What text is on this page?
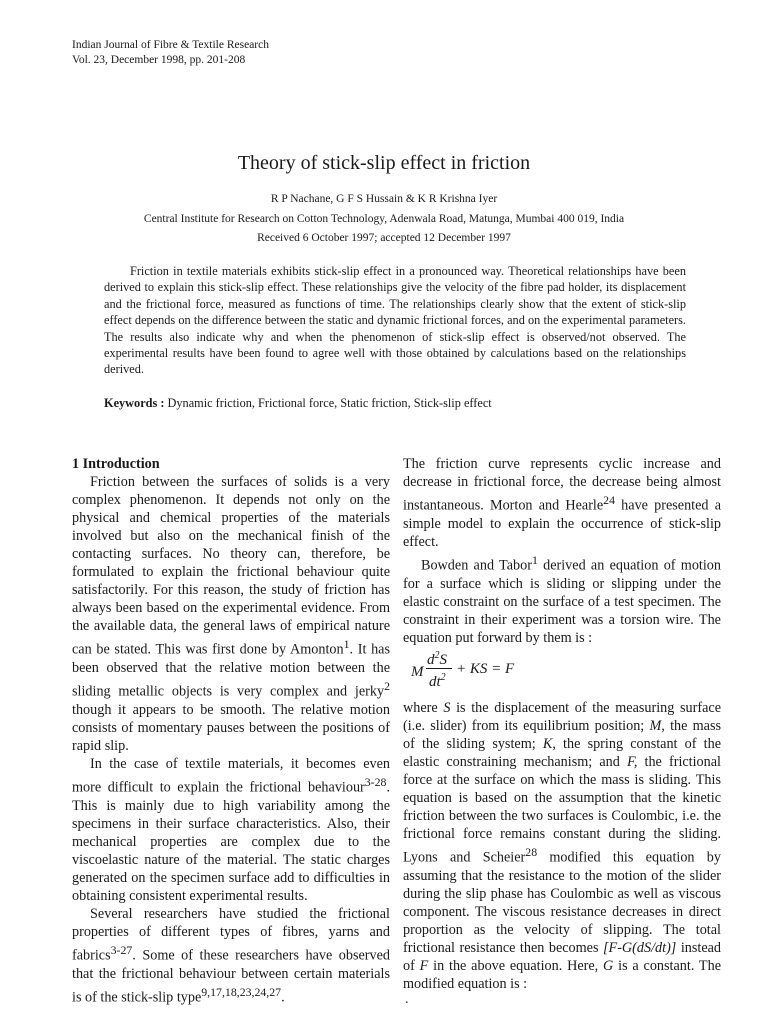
Indian Journal of Fibre & Textile Research
Vol. 23, December 1998, pp. 201-208
Theory of stick-slip effect in friction
R P Nachane, G F S Hussain & K R Krishna Iyer
Central Institute for Research on Cotton Technology, Adenwala Road, Matunga, Mumbai 400 019, India
Received 6 October 1997; accepted 12 December 1997
Friction in textile materials exhibits stick-slip effect in a pronounced way. Theoretical relationships have been derived to explain this stick-slip effect. These relationships give the velocity of the fibre pad holder, its displacement and the frictional force, measured as functions of time. The relationships clearly show that the extent of stick-slip effect depends on the difference between the static and dynamic frictional forces, and on the experimental parameters. The results also indicate why and when the phenomenon of stick-slip effect is observed/not observed. The experimental results have been found to agree well with those obtained by calculations based on the relationships derived.
Keywords : Dynamic friction, Frictional force, Static friction, Stick-slip effect

1 Introduction

Friction between the surfaces of solids is a very complex phenomenon. It depends not only on the physical and chemical properties of the materials involved but also on the mechanical finish of the contacting surfaces. No theory can, therefore, be formulated to explain the frictional behaviour quite satisfactorily. For this reason, the study of friction has always been based on the experimental evidence. From the available data, the general laws of empirical nature can be stated. This was first done by Amonton$^1$. It has been observed that the relative motion between the sliding metallic objects is very complex and jerky$^2$ though it appears to be smooth. The relative motion consists of momentary pauses between the positions of rapid slip.

In the case of textile materials, it becomes even more difficult to explain the frictional behaviour$^{3-28}$. This is mainly due to high variability among the specimens in their surface characteristics. Also, their mechanical properties are complex due to the viscoelastic nature of the material. The static charges generated on the specimen surface add to difficulties in obtaining consistent experimental results.

Several researchers have studied the frictional properties of different types of fibres, yarns and fabrics$^{3-27}$. Some of these researchers have observed that the frictional behaviour between certain materials is of the stick-slip type$^{9,17,18,23,24,27}$.

The friction curve represents cyclic increase and decrease in frictional force, the decrease being almost instantaneous. Morton and Hearle$^{24}$ have presented a simple model to explain the occurrence of stick-slip effect.

Bowden and Tabor$^1$ derived an equation of motion for a surface which is sliding or slipping under the elastic constraint on the surface of a test specimen. The constraint in their experiment was a torsion wire. The equation put forward by them is :

M
$d^2S$
$dt^2$
+ KS = F

where S is the displacement of the measuring surface (i.e. slider) from its equilibrium position; M, the mass of the sliding system; K, the spring constant of the elastic constraining mechanism; and F, the frictional force at the surface on which the mass is sliding. This equation is based on the assumption that the kinetic friction between the two surfaces is Coulombic, i.e. the frictional force remains constant during the sliding. Lyons and Scheier$^{28}$ modified this equation by assuming that the resistance to the motion of the slider during the slip phase has Coulombic as well as viscous component. The viscous resistance decreases in direct proportion as the velocity of slipping. The total frictional resistance then becomes [F-G(dS/dt)] instead of F in the above equation. Here, G is a constant. The modified equation is :

.
